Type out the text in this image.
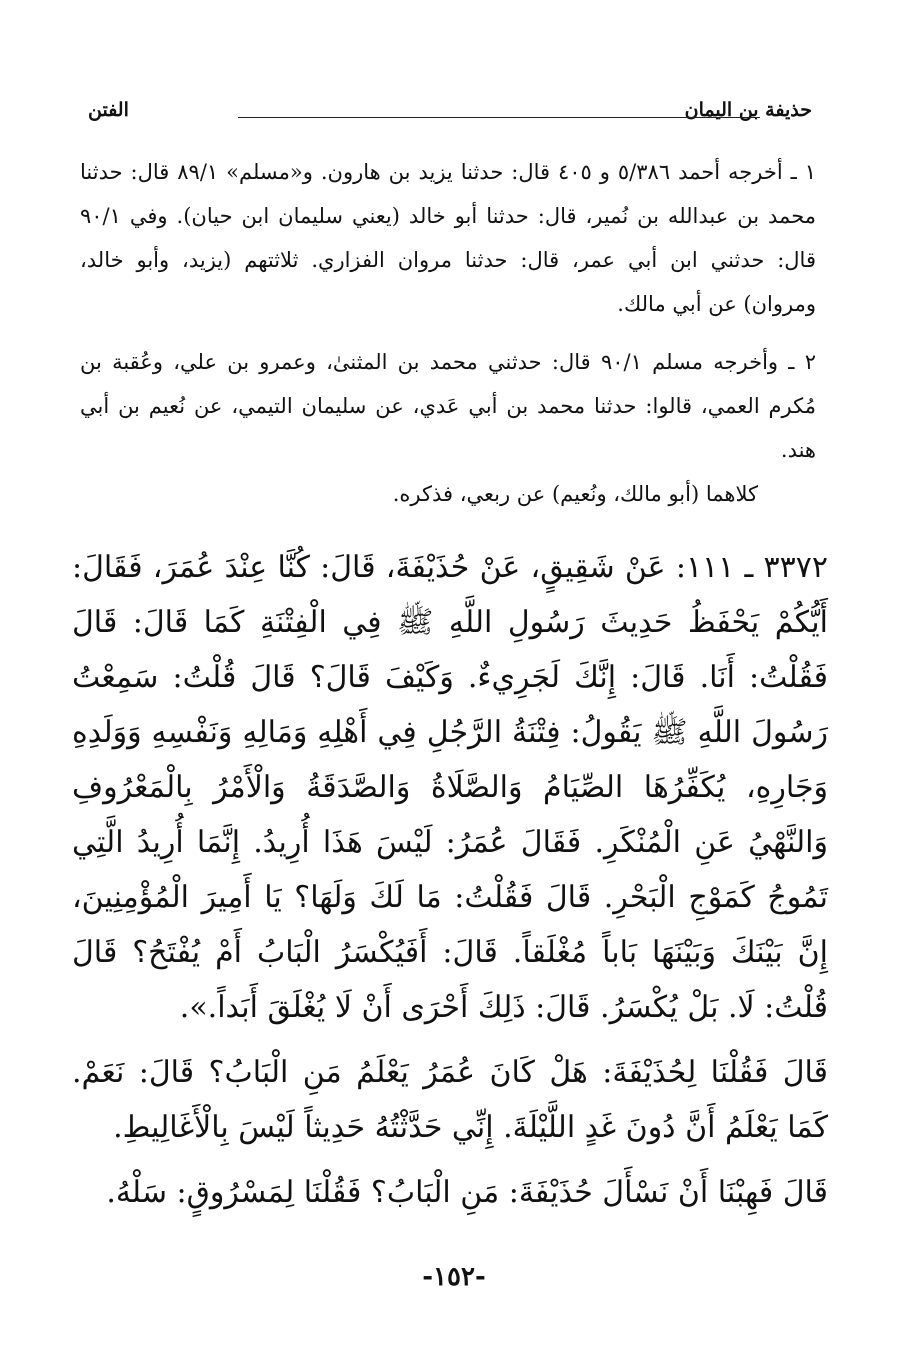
حذيفة بن اليمان
الفتن

١ ـ أخرجه أحمد ٥/٣٨٦ و ٤٠٥ قال: حدثنا يزيد بن هارون. و«مسلم» ٨٩/١ قال: حدثنا محمد بن عبدالله بن نُمير، قال: حدثنا أبو خالد (يعني سليمان ابن حيان). وفي ٩٠/١ قال: حدثني ابن أبي عمر، قال: حدثنا مروان الفزاري. ثلاثتهم (يزيد، وأبو خالد، ومروان) عن أبي مالك.

٢ ـ وأخرجه مسلم ٩٠/١ قال: حدثني محمد بن المثنىٰ، وعمرو بن علي، وعُقبة بن مُكرم العمي، قالوا: حدثنا محمد بن أبي عَدي، عن سليمان التيمي، عن نُعيم بن أبي هند.

كلاهما (أبو مالك، ونُعيم) عن ربعي، فذكره.

٣٣٧٢ ـ ١١١: عَنْ شَقِيقٍ، عَنْ حُذَيْفَةَ، قَالَ: كُنَّا عِنْدَ عُمَرَ، فَقَالَ: أَيُّكُمْ يَحْفَظُ حَدِيثَ رَسُولِ اللَّهِ ﷺ فِي الْفِتْنَةِ كَمَا قَالَ: قَالَ فَقُلْتُ: أَنَا. قَالَ: إِنَّكَ لَجَرِيءٌ. وَكَيْفَ قَالَ؟ قَالَ قُلْتُ: سَمِعْتُ رَسُولَ اللَّهِ ﷺ يَقُولُ: فِتْنَةُ الرَّجُلِ فِي أَهْلِهِ وَمَالِهِ وَنَفْسِهِ وَوَلَدِهِ وَجَارِهِ، يُكَفِّرُهَا الصِّيَامُ وَالصَّلَاةُ وَالصَّدَقَةُ وَالْأَمْرُ بِالْمَعْرُوفِ وَالنَّهْيُ عَنِ الْمُنْكَرِ. فَقَالَ عُمَرُ: لَيْسَ هَذَا أُرِيدُ. إِنَّمَا أُرِيدُ الَّتِي تَمُوجُ كَمَوْجِ الْبَحْرِ. قَالَ فَقُلْتُ: مَا لَكَ وَلَهَا؟ يَا أَمِيرَ الْمُؤْمِنِينَ، إِنَّ بَيْنَكَ وَبَيْنَهَا بَاباً مُغْلَقاً. قَالَ: أَفَيُكْسَرُ الْبَابُ أَمْ يُفْتَحُ؟ قَالَ قُلْتُ: لَا. بَلْ يُكْسَرُ. قَالَ: ذَلِكَ أَحْرَى أَنْ لَا يُغْلَقَ أَبَداً.».

قَالَ فَقُلْنَا لِحُذَيْفَةَ: هَلْ كَانَ عُمَرُ يَعْلَمُ مَنِ الْبَابُ؟ قَالَ: نَعَمْ. كَمَا يَعْلَمُ أَنَّ دُونَ غَدٍ اللَّيْلَةَ. إِنِّي حَدَّثْتُهُ حَدِيثاً لَيْسَ بِالْأَغَالِيطِ.

قَالَ فَهِبْنَا أَنْ نَسْأَلَ حُذَيْفَةَ: مَنِ الْبَابُ؟ فَقُلْنَا لِمَسْرُوقٍ: سَلْهُ.

-١٥٢-
